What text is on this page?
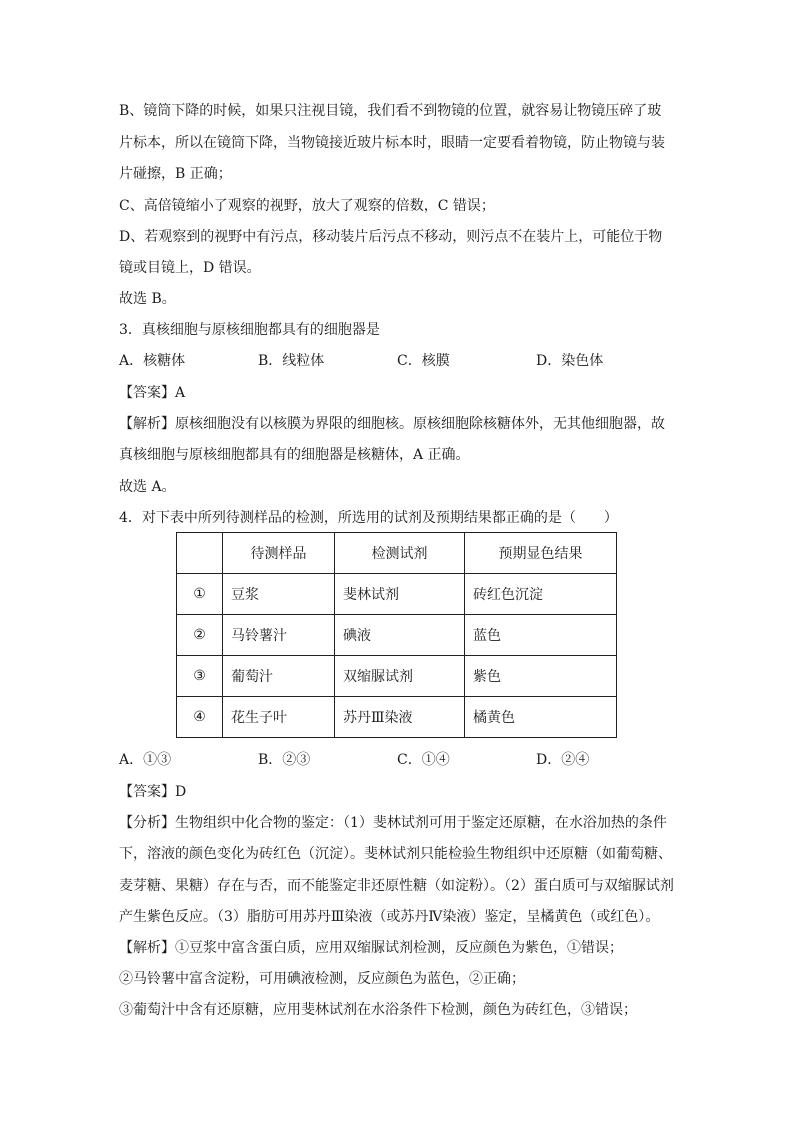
B、镜筒下降的时候，如果只注视目镜，我们看不到物镜的位置，就容易让物镜压碎了玻
片标本，所以在镜筒下降，当物镜接近玻片标本时，眼睛一定要看着物镜，防止物镜与装
片碰擦，B 正确；
C、高倍镜缩小了观察的视野，放大了观察的倍数，C 错误；
D、若观察到的视野中有污点，移动装片后污点不移动，则污点不在装片上，可能位于物
镜或目镜上，D 错误。
故选 B。
3．真核细胞与原核细胞都具有的细胞器是
A．核糖体	B．线粒体	C．核膜	D．染色体
【答案】A
【解析】原核细胞没有以核膜为界限的细胞核。原核细胞除核糖体外，无其他细胞器，故
真核细胞与原核细胞都具有的细胞器是核糖体，A 正确。
故选 A。
4．对下表中所列待测样品的检测，所选用的试剂及预期结果都正确的是（　　）
	待测样品	检测试剂	预期显色结果
①	豆浆	斐林试剂	砖红色沉淀
②	马铃薯汁	碘液	蓝色
③	葡萄汁	双缩脲试剂	紫色
④	花生子叶	苏丹Ⅲ染液	橘黄色
A．①③	B．②③	C．①④	D．②④
【答案】D
【分析】生物组织中化合物的鉴定：（1）斐林试剂可用于鉴定还原糖，在水浴加热的条件
下，溶液的颜色变化为砖红色（沉淀）。斐林试剂只能检验生物组织中还原糖（如葡萄糖、
麦芽糖、果糖）存在与否，而不能鉴定非还原性糖（如淀粉）。（2）蛋白质可与双缩脲试剂
产生紫色反应。（3）脂肪可用苏丹Ⅲ染液（或苏丹Ⅳ染液）鉴定，呈橘黄色（或红色）。
【解析】①豆浆中富含蛋白质，应用双缩脲试剂检测，反应颜色为紫色，①错误；
②马铃薯中富含淀粉，可用碘液检测，反应颜色为蓝色，②正确；
③葡萄汁中含有还原糖，应用斐林试剂在水浴条件下检测，颜色为砖红色，③错误；
